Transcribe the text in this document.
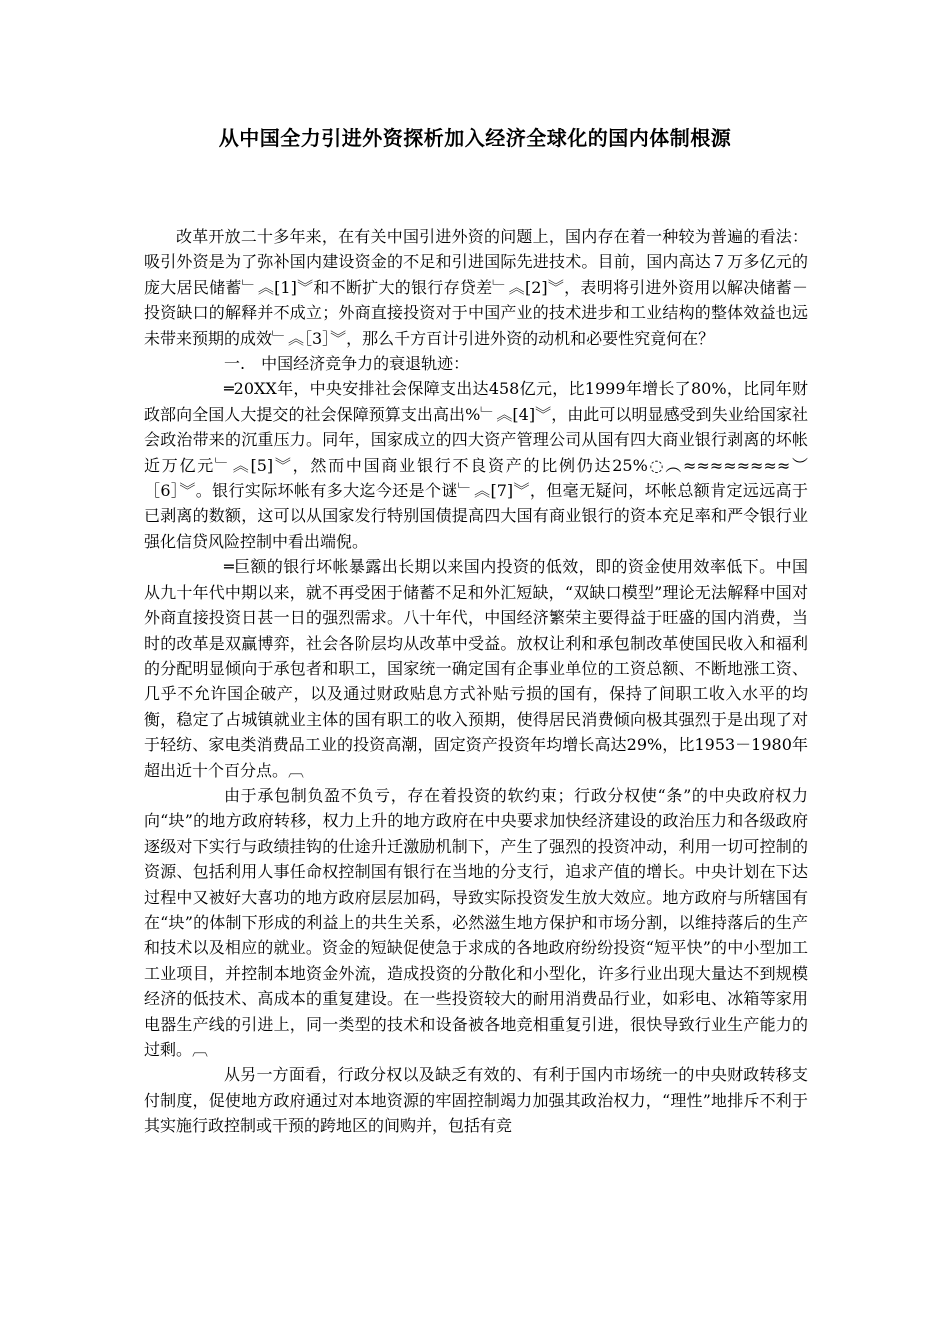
从中国全力引进外资探析加入经济全球化的国内体制根源

改革开放二十多年来，在有关中国引进外资的问题上，国内存在着一种较为普遍的看法：吸引外资是为了弥补国内建设资金的不足和引进国际先进技术。目前，国内高达７万多亿元的庞大居民储蓄﹂︽[1]︾和不断扩大的银行存贷差﹂︽[2]︾，表明将引进外资用以解决储蓄－投资缺口的解释并不成立；外商直接投资对于中国产业的技术进步和工业结构的整体效益也远未带来预期的成效﹂︽［3］︾，那么千方百计引进外资的动机和必要性究竟何在？

一.　中国经济竞争力的衰退轨迹：

═20XX年，中央安排社会保障支出达458亿元，比1999年增长了80%，比同年财政部向全国人大提交的社会保障预算支出高出%﹂︽[4]︾，由此可以明显感受到失业给国家社会政治带来的沉重压力。同年，国家成立的四大资产管理公司从国有四大商业银行剥离的坏帐近万亿元﹂︽[5]︾，然而中国商业银行不良资产的比例仍达25%◌︵≈≈≈≈≈≈≈≈︶［6］︾。银行实际坏帐有多大迄今还是个谜﹂︽[7]︾，但毫无疑问，坏帐总额肯定远远高于已剥离的数额，这可以从国家发行特别国债提高四大国有商业银行的资本充足率和严令银行业强化信贷风险控制中看出端倪。

═巨额的银行坏帐暴露出长期以来国内投资的低效，即的资金使用效率低下。中国从九十年代中期以来，就不再受困于储蓄不足和外汇短缺，“双缺口模型”理论无法解释中国对外商直接投资日甚一日的强烈需求。八十年代，中国经济繁荣主要得益于旺盛的国内消费，当时的改革是双赢博弈，社会各阶层均从改革中受益。放权让利和承包制改革使国民收入和福利的分配明显倾向于承包者和职工，国家统一确定国有企事业单位的工资总额、不断地涨工资、几乎不允许国企破产，以及通过财政贴息方式补贴亏损的国有，保持了间职工收入水平的均衡，稳定了占城镇就业主体的国有职工的收入预期，使得居民消费倾向极其强烈于是出现了对于轻纺、家电类消费品工业的投资高潮，固定资产投资年均增长高达29%，比1953－1980年超出近十个百分点。︹

由于承包制负盈不负亏，存在着投资的软约束；行政分权使“条”的中央政府权力向“块”的地方政府转移，权力上升的地方政府在中央要求加快经济建设的政治压力和各级政府逐级对下实行与政绩挂钩的仕途升迁激励机制下，产生了强烈的投资冲动，利用一切可控制的资源、包括利用人事任命权控制国有银行在当地的分支行，追求产值的增长。中央计划在下达过程中又被好大喜功的地方政府层层加码，导致实际投资发生放大效应。地方政府与所辖国有在“块”的体制下形成的利益上的共生关系，必然滋生地方保护和市场分割，以维持落后的生产和技术以及相应的就业。资金的短缺促使急于求成的各地政府纷纷投资“短平快”的中小型加工工业项目，并控制本地资金外流，造成投资的分散化和小型化，许多行业出现大量达不到规模经济的低技术、高成本的重复建设。在一些投资较大的耐用消费品行业，如彩电、冰箱等家用电器生产线的引进上，同一类型的技术和设备被各地竞相重复引进，很快导致行业生产能力的过剩。︹

从另一方面看，行政分权以及缺乏有效的、有利于国内市场统一的中央财政转移支付制度，促使地方政府通过对本地资源的牢固控制竭力加强其政治权力，“理性”地排斥不利于其实施行政控制或干预的跨地区的间购并，包括有竞
